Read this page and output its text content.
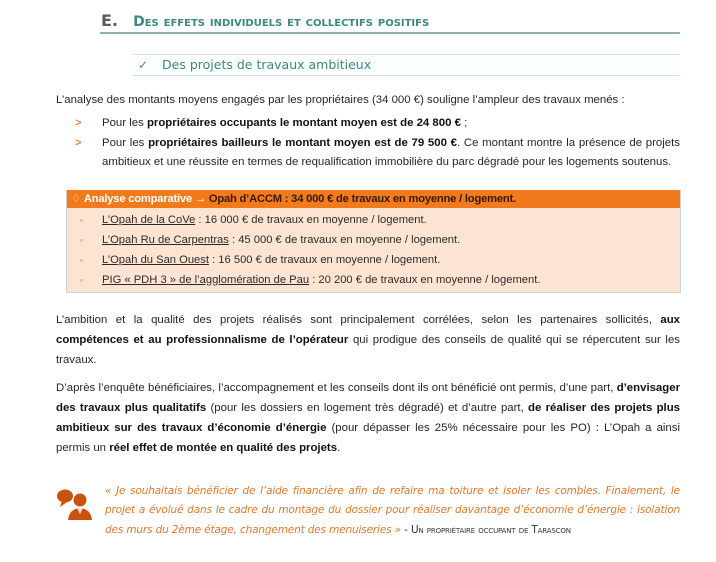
E. Des effets individuels et collectifs positifs
✓ Des projets de travaux ambitieux
L’analyse des montants moyens engagés par les propriétaires (34 000 €) souligne l’ampleur des travaux menés :
> Pour les propriétaires occupants le montant moyen est de 24 800 € ;
> Pour les propriétaires bailleurs le montant moyen est de 79 500 €. Ce montant montre la présence de projets ambitieux et une réussite en termes de requalification immobilière du parc dégradé pour les logements soutenus.
♢ Analyse comparative → Opah d’ACCM : 34 000 € de travaux en moyenne / logement.
L’Opah de la CoVe : 16 000 € de travaux en moyenne / logement.
L’Opah Ru de Carpentras : 45 000 € de travaux en moyenne / logement.
L’Opah du San Ouest : 16 500 € de travaux en moyenne / logement.
PIG « PDH 3 » de l’agglomération de Pau : 20 200 € de travaux en moyenne / logement.
L’ambition et la qualité des projets réalisés sont principalement corrélées, selon les partenaires sollicités, aux compétences et au professionnalisme de l’opérateur qui prodigue des conseils de qualité qui se répercutent sur les travaux.
D’après l’enquête bénéficiaires, l’accompagnement et les conseils dont ils ont bénéficié ont permis, d’une part, d’envisager des travaux plus qualitatifs (pour les dossiers en logement très dégradé) et d’autre part, de réaliser des projets plus ambitieux sur des travaux d’économie d’énergie (pour dépasser les 25% nécessaire pour les PO) : L’Opah a ainsi permis un réel effet de montée en qualité des projets.
« Je souhaitais bénéficier de l’aide financière afin de refaire ma toiture et isoler les combles. Finalement, le projet a évolué dans le cadre du montage du dossier pour réaliser davantage d’économie d’énergie : isolation des murs du 2ème étage, changement des menuiseries » - Un propriétaire occupant de Tarascon
